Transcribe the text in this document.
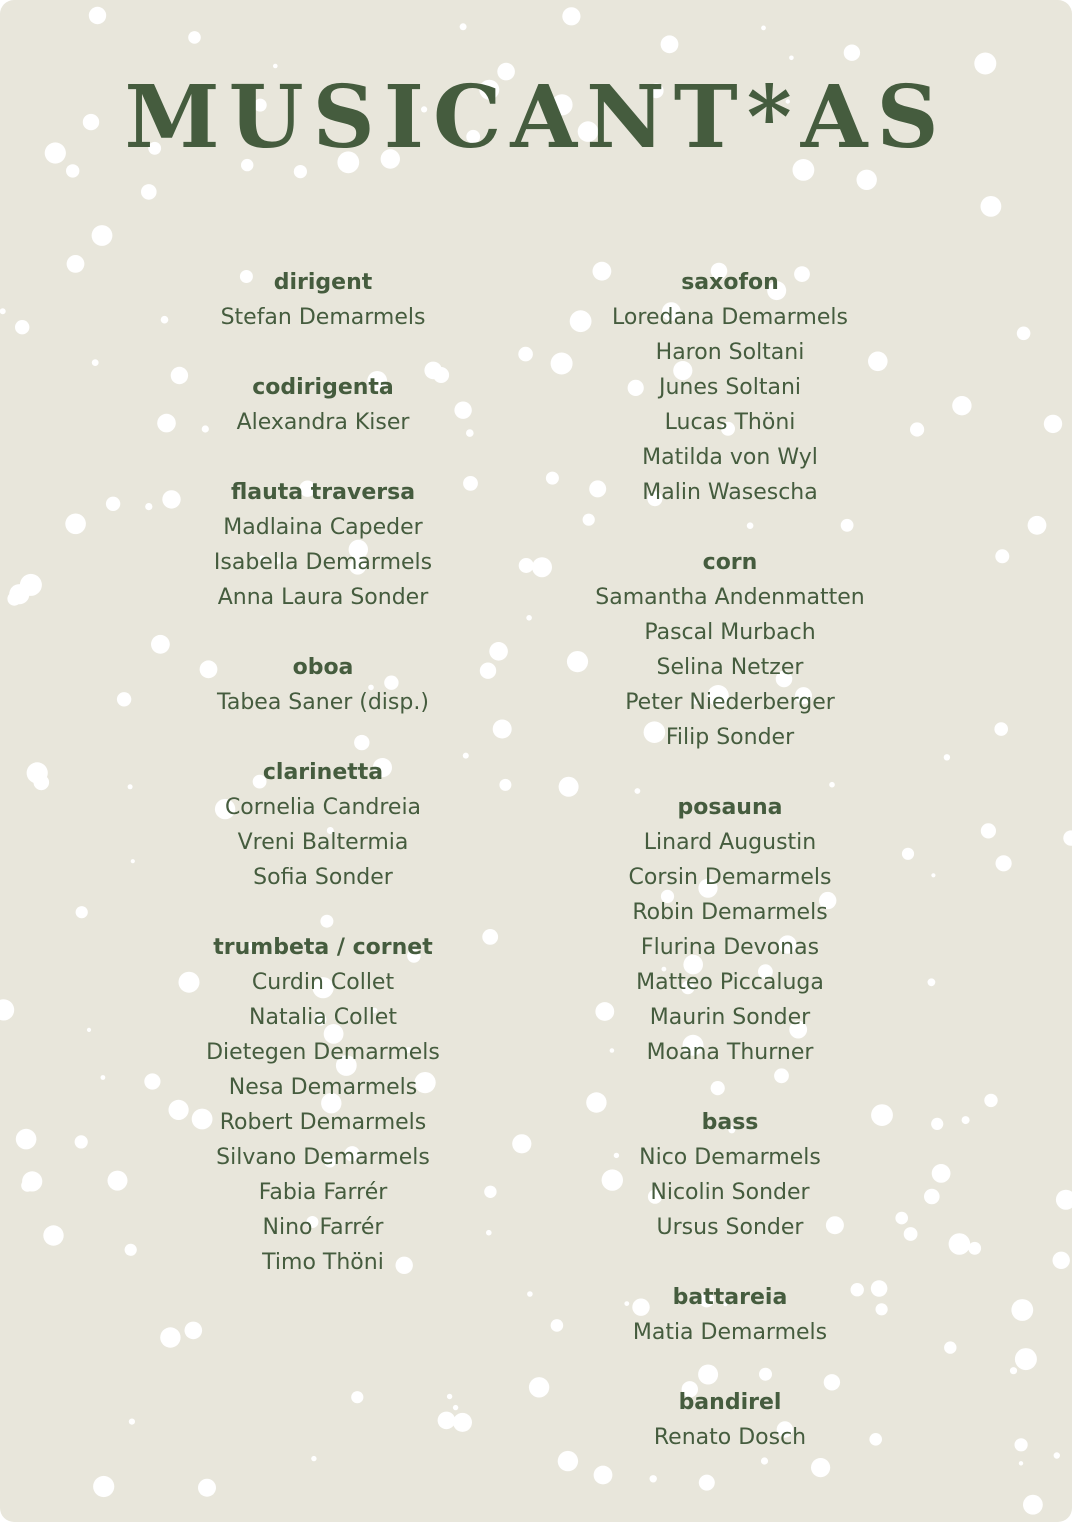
MUSICANT*AS
dirigent
Stefan Demarmels
codirigenta
Alexandra Kiser
flauta traversa
Madlaina Capeder
Isabella Demarmels
Anna Laura Sonder
oboa
Tabea Saner (disp.)
clarinetta
Cornelia Candreia
Vreni Baltermia
Sofia Sonder
trumbeta / cornet
Curdin Collet
Natalia Collet
Dietegen Demarmels
Nesa Demarmels
Robert Demarmels
Silvano Demarmels
Fabia Farrér
Nino Farrér
Timo Thöni
saxofon
Loredana Demarmels
Haron Soltani
Junes Soltani
Lucas Thöni
Matilda von Wyl
Malin Wasescha
corn
Samantha Andenmatten
Pascal Murbach
Selina Netzer
Peter Niederberger
Filip Sonder
posauna
Linard Augustin
Corsin Demarmels
Robin Demarmels
Flurina Devonas
Matteo Piccaluga
Maurin Sonder
Moana Thurner
bass
Nico Demarmels
Nicolin Sonder
Ursus Sonder
battareia
Matia Demarmels
bandirel
Renato Dosch
